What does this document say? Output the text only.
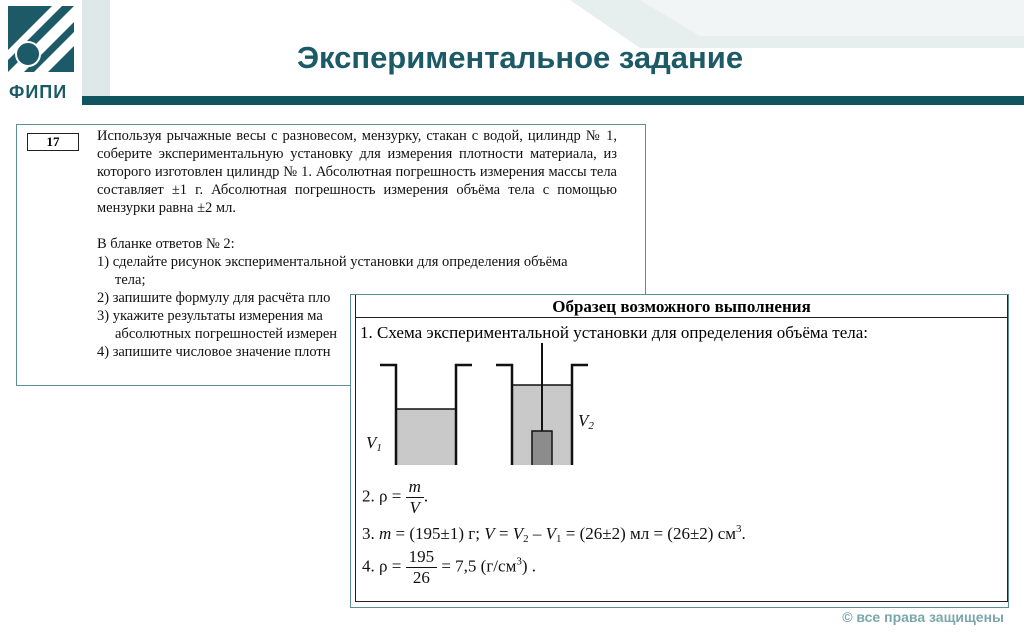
ФИПИ
Экспериментальное задание
17	Используя рычажные весы с разновесом, мензурку, стакан с водой, цилиндр № 1, соберите экспериментальную установку для измерения плотности материала, из которого изготовлен цилиндр № 1. Абсолютная погрешность измерения массы тела составляет ±1 г. Абсолютная погрешность измерения объёма тела с помощью мензурки равна ±2 мл.

В бланке ответов № 2:

1) сделайте рисунок экспериментальной установки для определения объёма

тела;

2) запишите формулу для расчёта пло

3) укажите результаты измерения ма

абсолютных погрешностей измерен

4) запишите числовое значение плотн

Образец возможного выполнения
1. Схема экспериментальной установки для определения объёма тела:
$V_1$
$V_2$
2. $\rho = \frac{m}{V}$ .
3. m = (195±1) г; $V = V_2 - V_1 = (26\pm 2)$ мл = (26±2) $см^3$.
4. $\rho = \frac{195}{26} = 7,5$ $(г/см^3)$ .
© все права защищены
